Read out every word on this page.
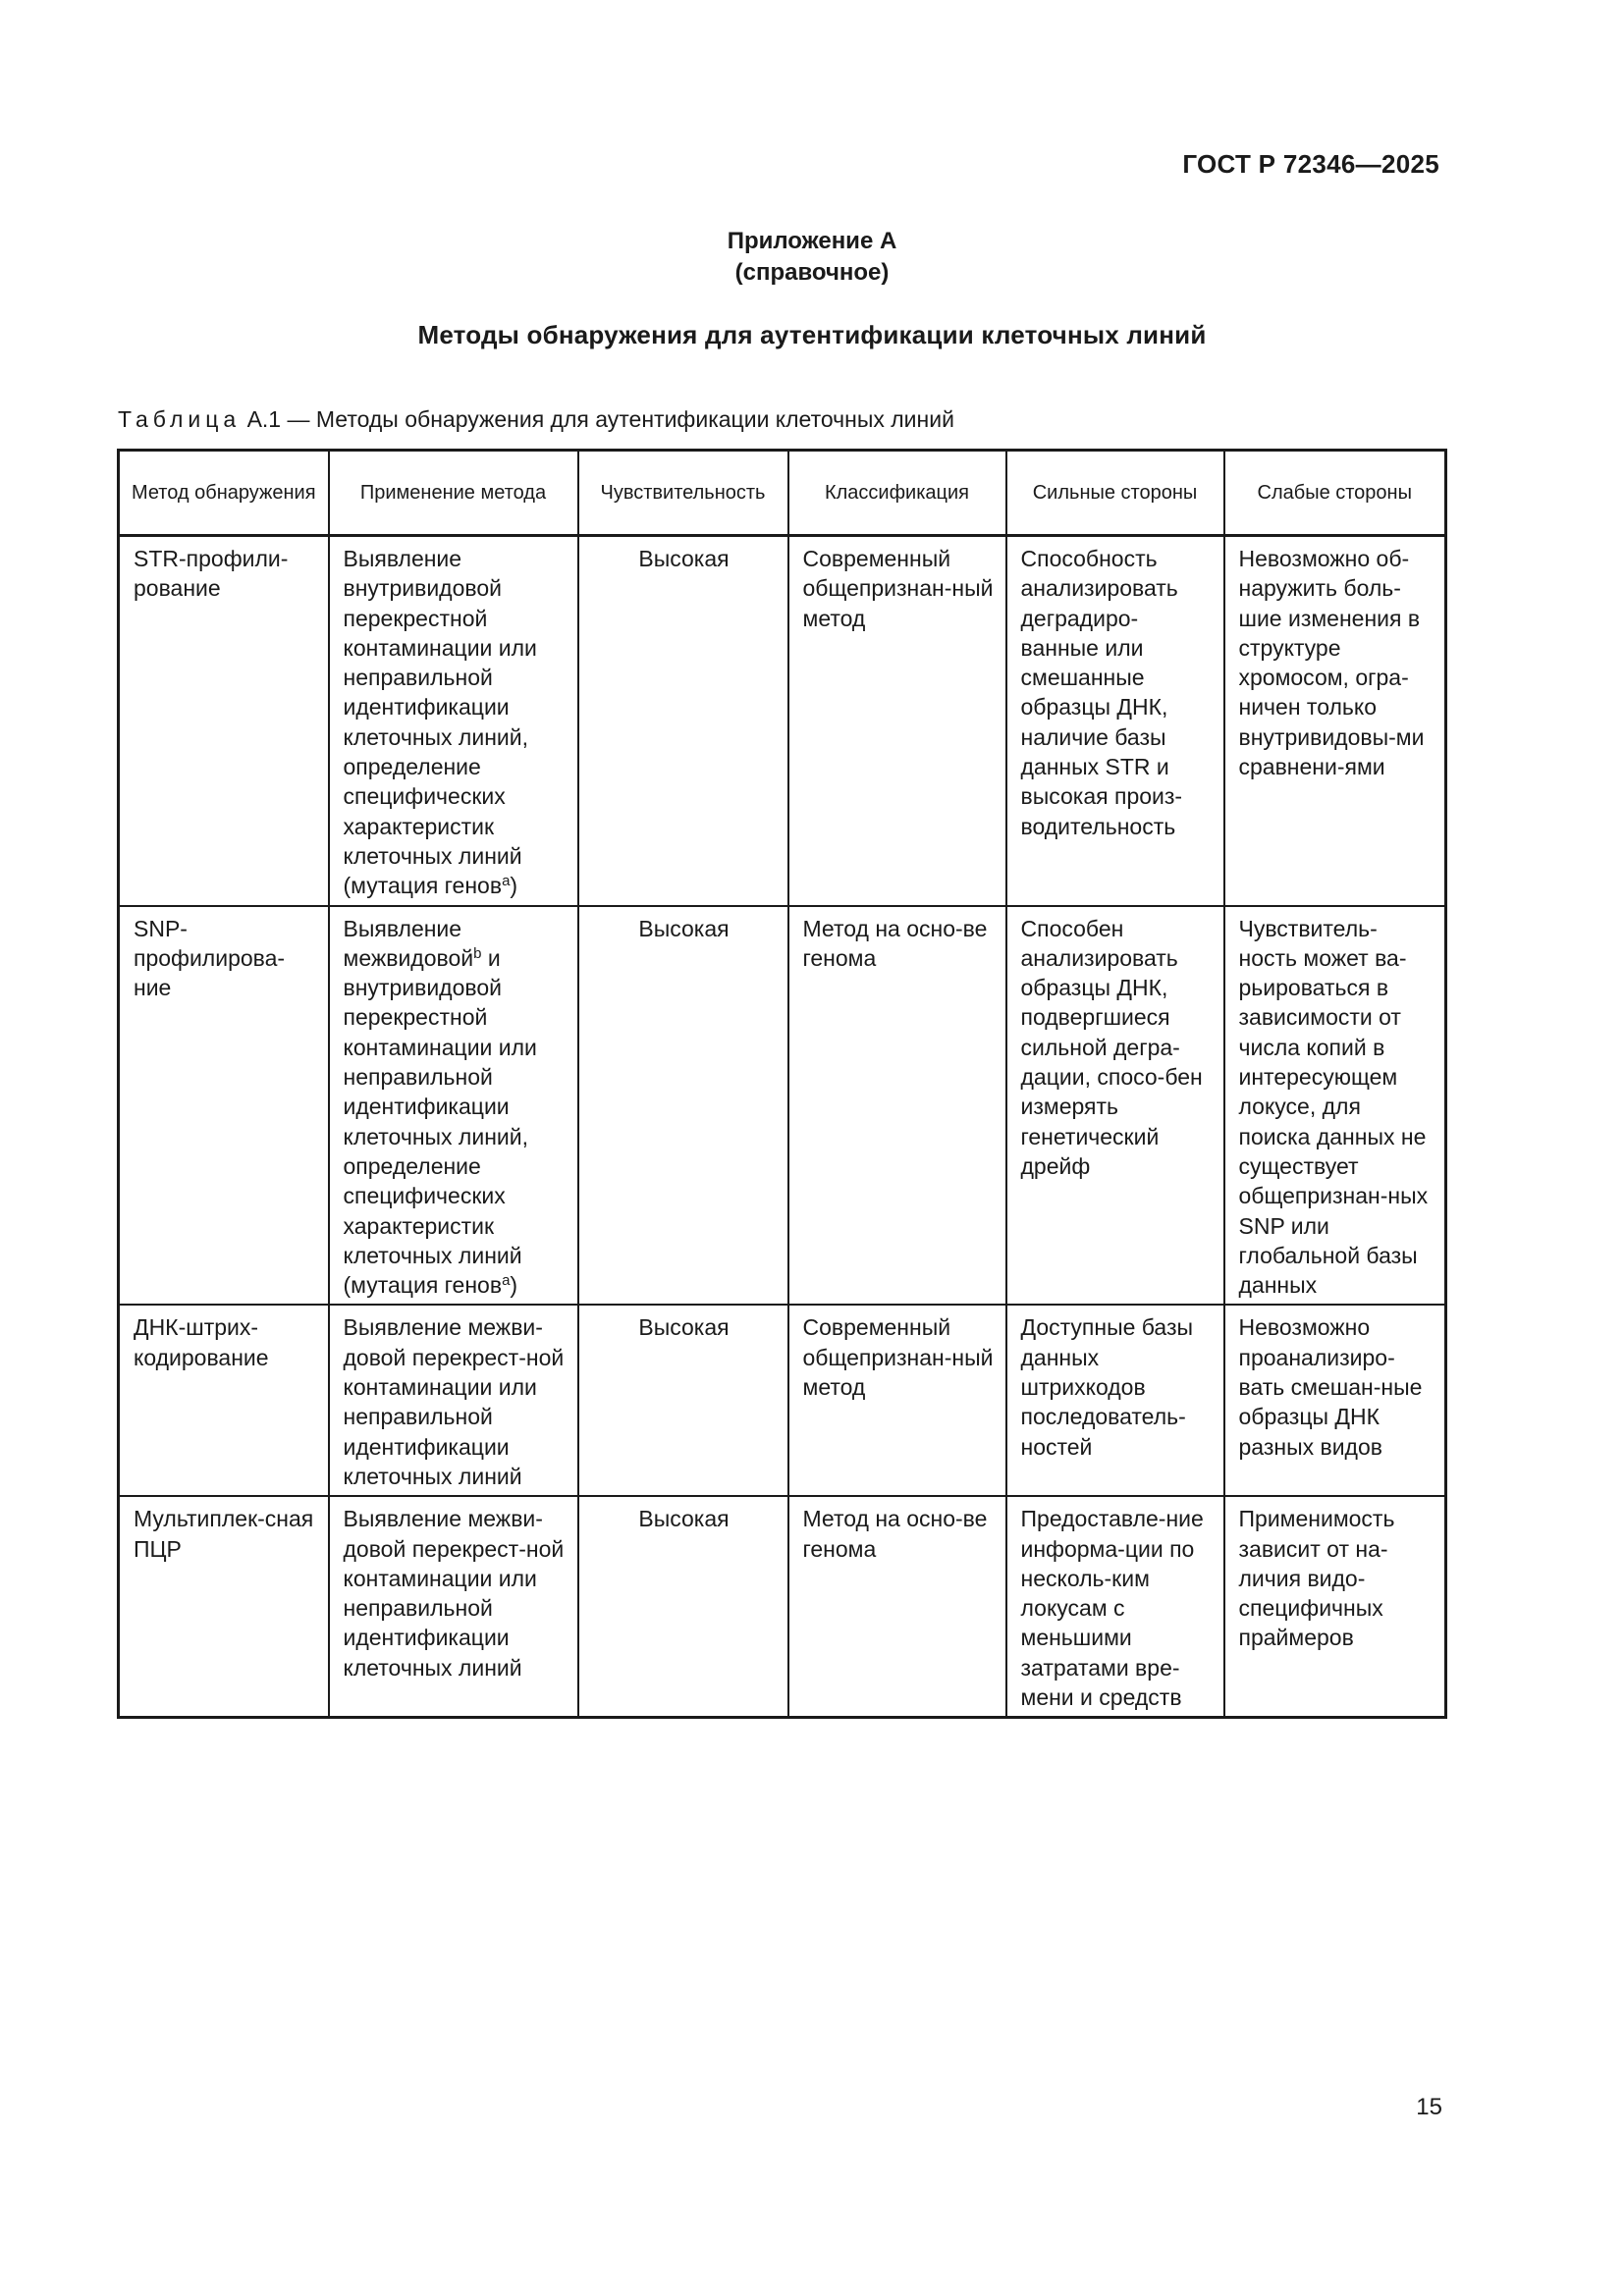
ГОСТ Р 72346—2025
Приложение А
(справочное)
Методы обнаружения для аутентификации клеточных линий
Таблица А.1 — Методы обнаружения для аутентификации клеточных линий
Метод обнаружения	Применение метода	Чувствительность	Классификация	Сильные стороны	Слабые стороны
STR-профили-рование	Выявление внутривидовой перекрестной контаминации или неправильной идентификации клеточных линий, определение специфических характеристик клеточных линий (мутация генов$^a$)	Высокая	Современный общепризнан-ный метод	Способность анализировать деградиро-ванные или смешанные образцы ДНК, наличие базы данных STR и высокая произ-водительность	Невозможно об-наружить боль-шие изменения в структуре хромосом, огра-ничен только внутривидовы-ми сравнени-ями
SNP-профилирова-ние	Выявление межвидовой$^b$ и внутривидовой перекрестной контаминации или неправильной идентификации клеточных линий, определение специфических характеристик клеточных линий (мутация генов$^a$)	Высокая	Метод на осно-ве генома	Способен анализировать образцы ДНК, подвергшиеся сильной дегра-дации, спосо-бен измерять генетический дрейф	Чувствитель-ность может ва-рьироваться в зависимости от числа копий в интересующем локусе, для поиска данных не существует общепризнан-ных SNP или глобальной базы данных
ДНК-штрих-кодирование	Выявление межви-довой перекрест-ной контаминации или неправильной идентификации клеточных линий	Высокая	Современный общепризнан-ный метод	Доступные базы данных штрихкодов последователь-ностей	Невозможно проанализиро-вать смешан-ные образцы ДНК разных видов
Мультиплек-сная ПЦР	Выявление межви-довой перекрест-ной контаминации или неправильной идентификации клеточных линий	Высокая	Метод на осно-ве генома	Предоставле-ние информа-ции по несколь-ким локусам с меньшими затратами вре-мени и средств	Применимость зависит от на-личия видо-специфичных праймеров
15
